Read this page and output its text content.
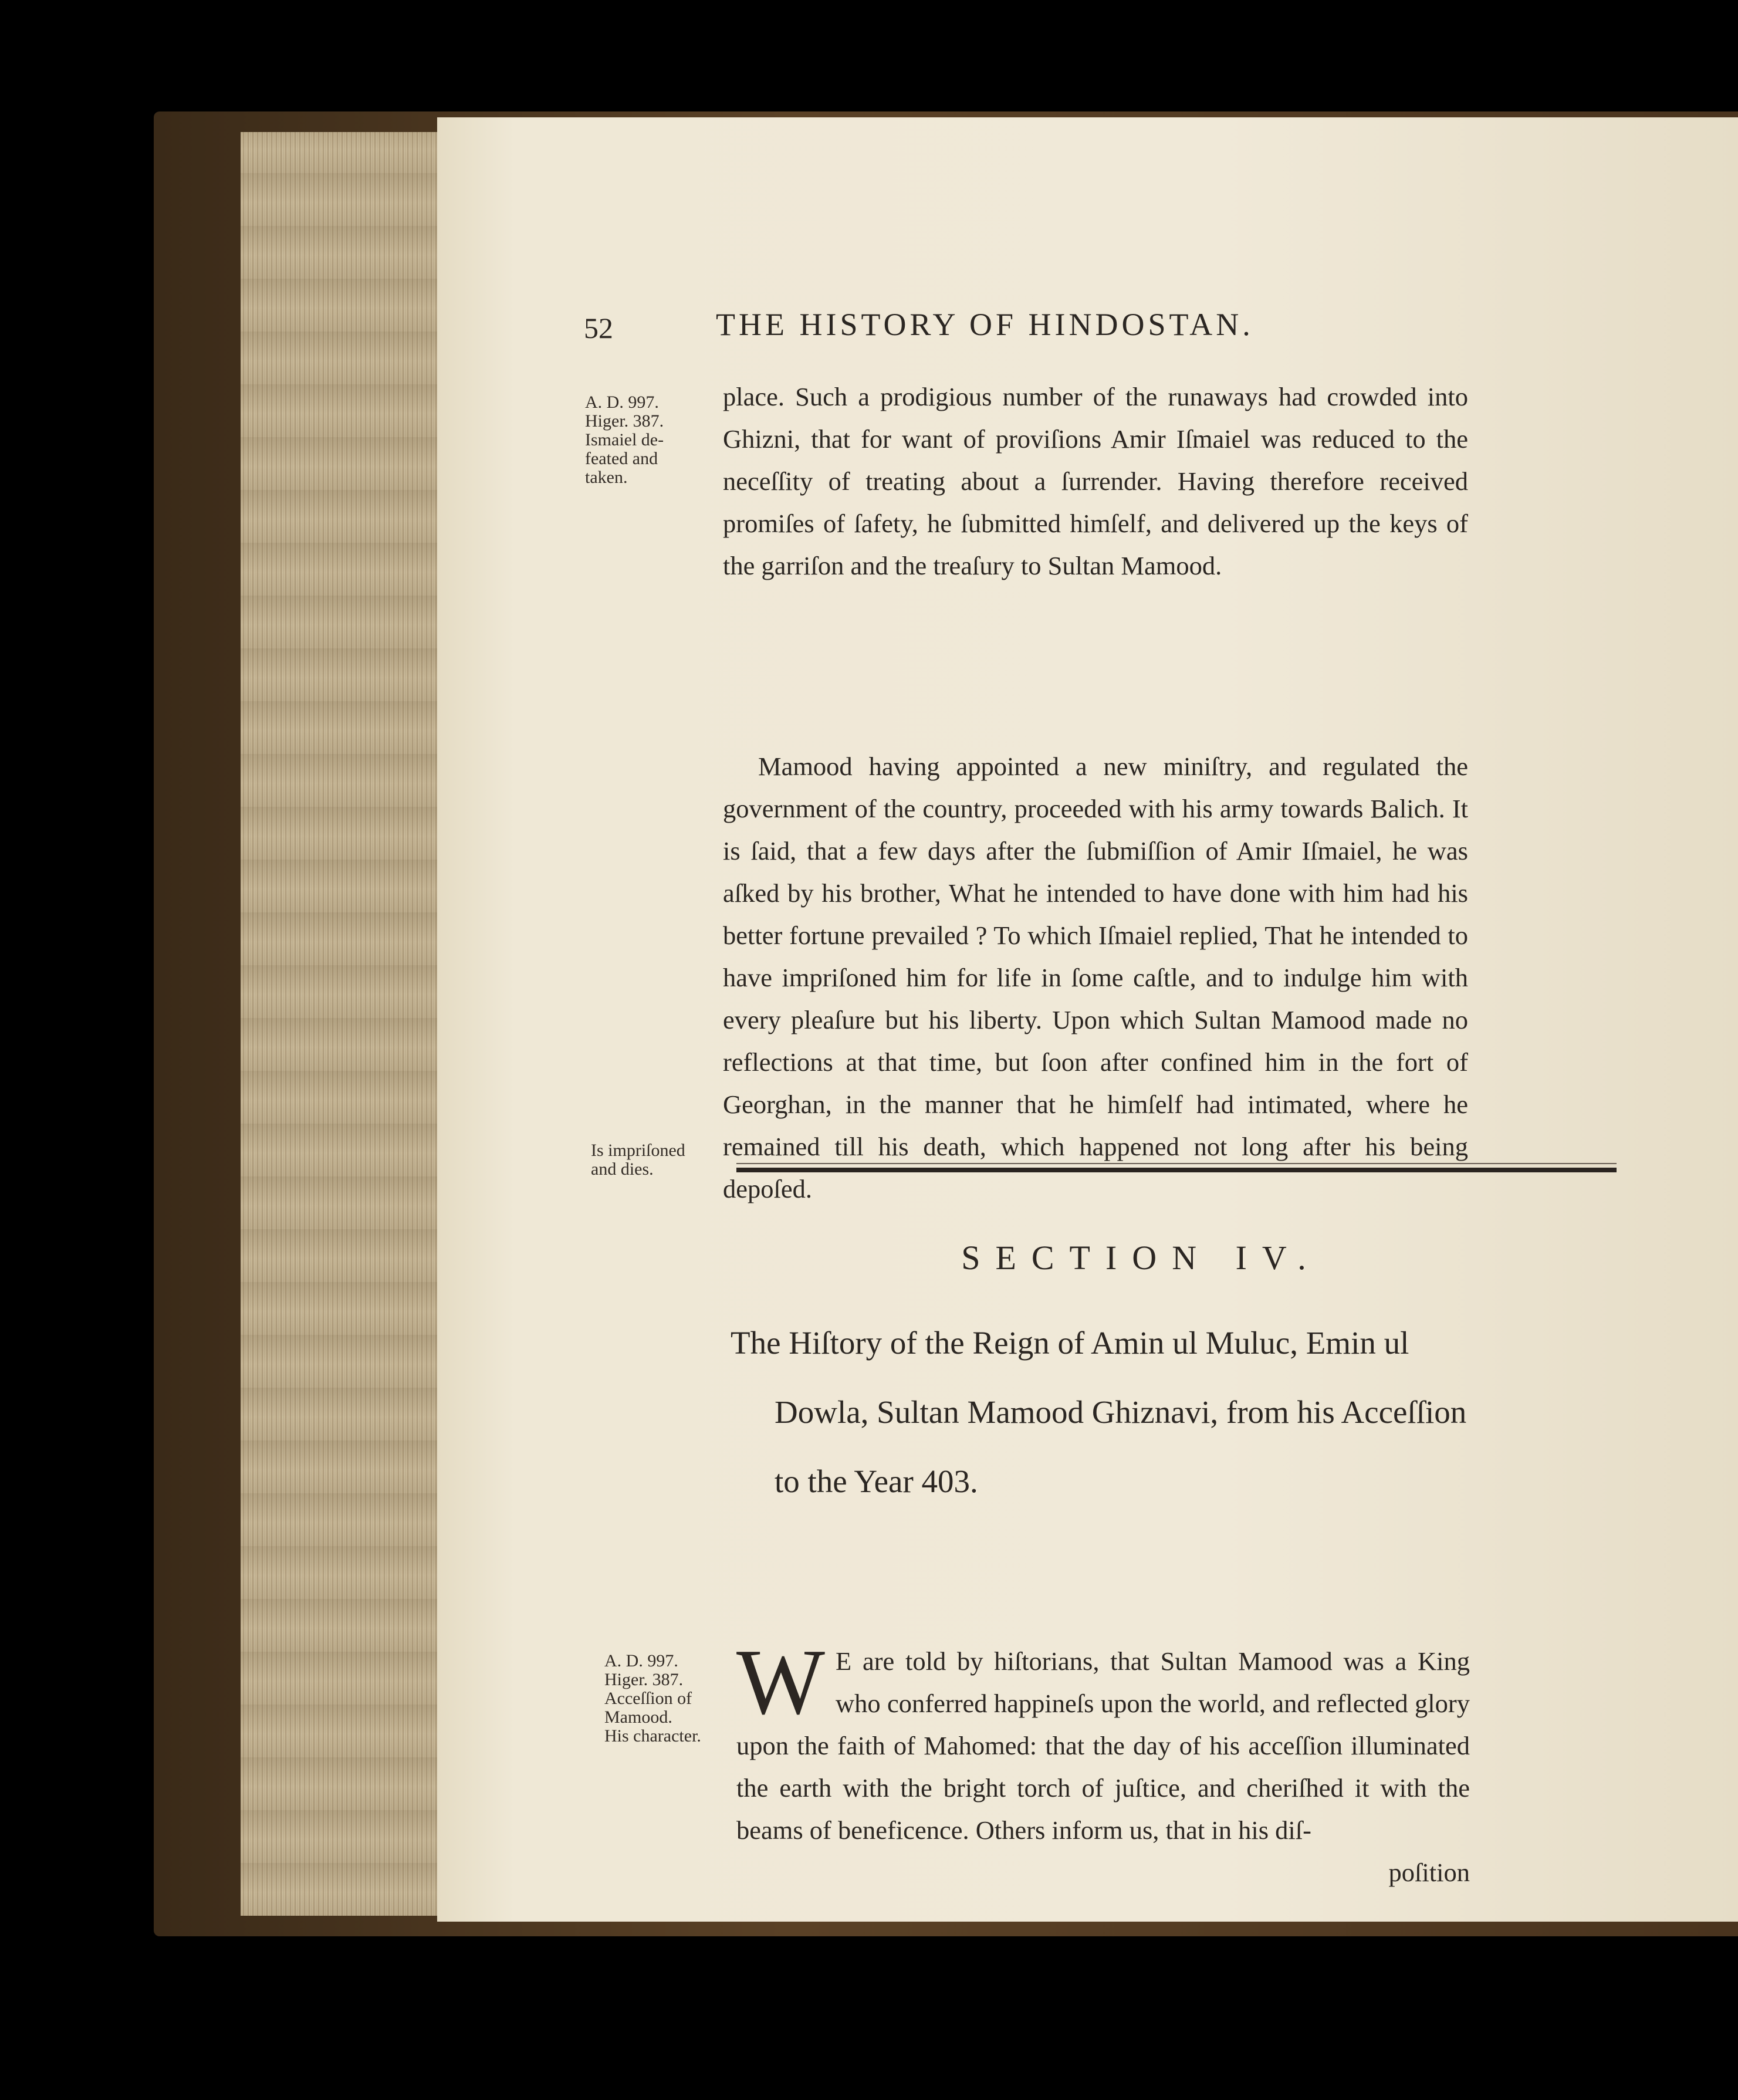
52	THE HISTORY OF HINDOSTAN.
A. D. 997.
Higer. 387.
Ismaiel de-
feated and
taken.

place. Such a prodigious number of the runaways had crowded into Ghizni, that for want of proviſions Amir Iſmaiel was reduced to the neceſſity of treating about a ſurrender. Having therefore received promiſes of ſafety, he ſubmitted himſelf, and delivered up the keys of the garriſon and the treaſury to Sultan Mamood.

Mamood having appointed a new miniſtry, and regulated the government of the country, proceeded with his army towards Balich. It is ſaid, that a few days after the ſubmiſſion of Amir Iſmaiel, he was aſked by his brother, What he intended to have done with him had his better fortune prevailed ? To which Iſmaiel replied, That he intended to have impriſoned him for life in ſome caſtle, and to indulge him with every pleaſure but his liberty. Upon which Sultan Mamood made no reflections at that time, but ſoon after confined him in the fort of Georghan, in the manner that he himſelf had intimated, where he remained till his death, which happened not long after his being depoſed.

Is impriſoned
and dies.
SECTION IV.
The Hiſtory of the Reign of Amin ul Muluc, Emin ul
Dowla, Sultan Mamood Ghiznavi, from his Acceſſion
to the Year 403.
A. D. 997.
Higer. 387.
Acceſſion of
Mamood.
His character.
W E are told by hiſtorians, that Sultan Mamood was a King who conferred happineſs upon the world, and reflected glory upon the faith of Mahomed: that the day of his acceſſion illuminated the earth with the bright torch of juſtice, and cheriſhed it with the beams of beneficence. Others inform us, that in his diſ-

poſition
